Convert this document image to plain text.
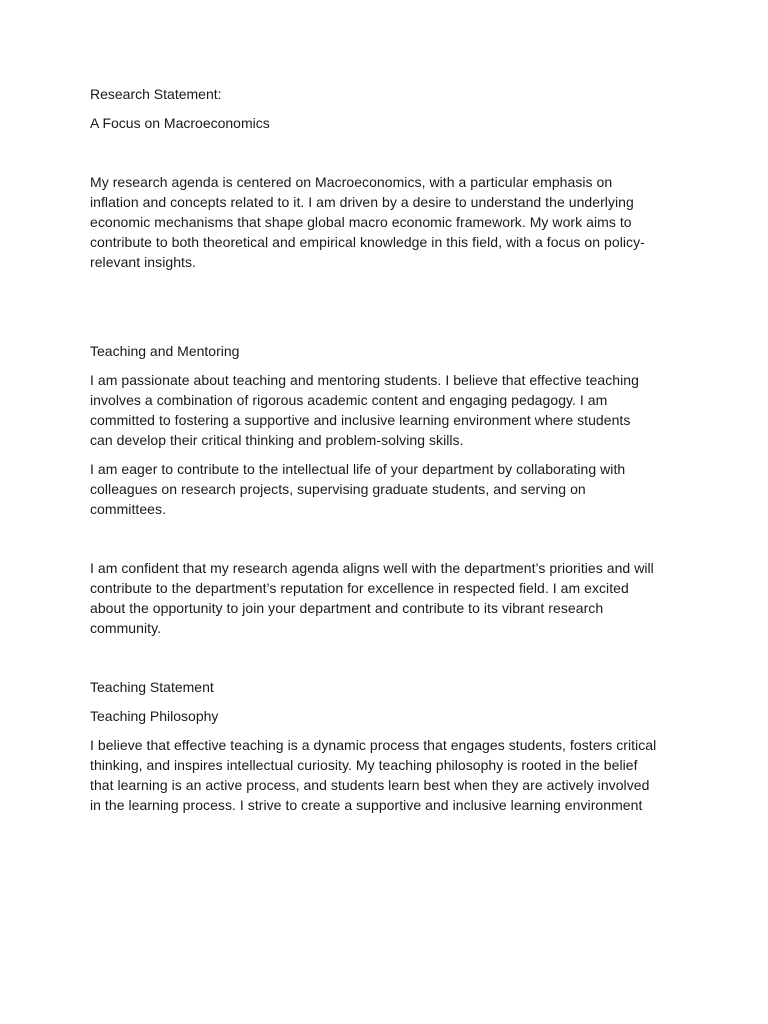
Research Statement:

A Focus on Macroeconomics

My research agenda is centered on Macroeconomics, with a particular emphasis on
inflation and concepts related to it. I am driven by a desire to understand the underlying
economic mechanisms that shape global macro economic framework. My work aims to
contribute to both theoretical and empirical knowledge in this field, with a focus on policy-
relevant insights.

Teaching and Mentoring

I am passionate about teaching and mentoring students. I believe that effective teaching
involves a combination of rigorous academic content and engaging pedagogy. I am
committed to fostering a supportive and inclusive learning environment where students
can develop their critical thinking and problem-solving skills.
I am eager to contribute to the intellectual life of your department by collaborating with
colleagues on research projects, supervising graduate students, and serving on
committees.
I am confident that my research agenda aligns well with the department’s priorities and will
contribute to the department’s reputation for excellence in respected field. I am excited
about the opportunity to join your department and contribute to its vibrant research
community.

Teaching Statement

Teaching Philosophy

I believe that effective teaching is a dynamic process that engages students, fosters critical
thinking, and inspires intellectual curiosity. My teaching philosophy is rooted in the belief
that learning is an active process, and students learn best when they are actively involved
in the learning process. I strive to create a supportive and inclusive learning environment
